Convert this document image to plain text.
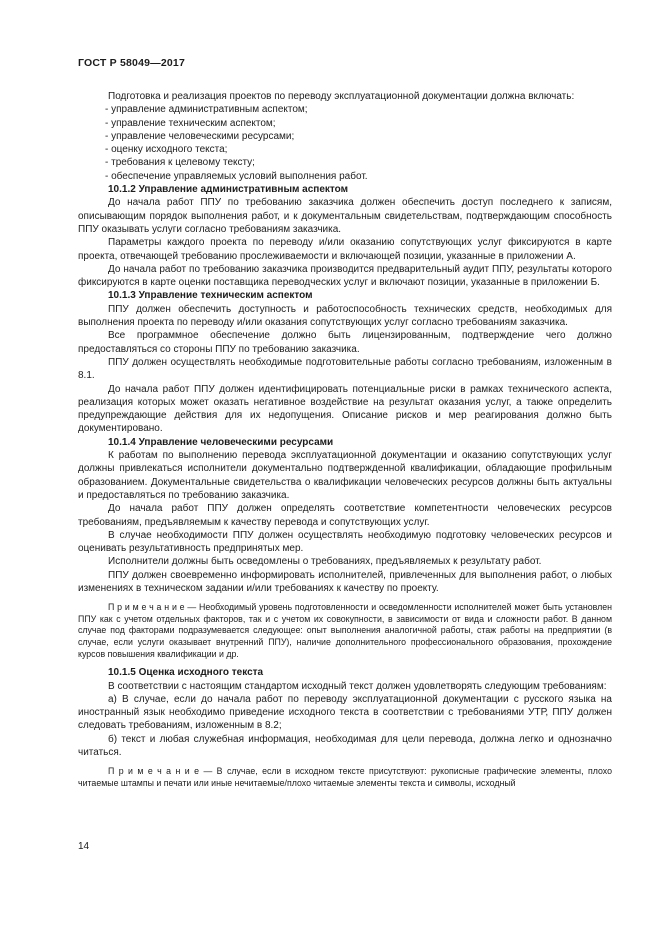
ГОСТ Р 58049—2017

Подготовка и реализация проектов по переводу эксплуатационной документации должна включать:

- управление административным аспектом;

- управление техническим аспектом;

- управление человеческими ресурсами;

- оценку исходного текста;

- требования к целевому тексту;

- обеспечение управляемых условий выполнения работ.

10.1.2 Управление административным аспектом

До начала работ ППУ по требованию заказчика должен обеспечить доступ последнего к записям, описывающим порядок выполнения работ, и к документальным свидетельствам, подтверждающим способность ППУ оказывать услуги согласно требованиям заказчика.

Параметры каждого проекта по переводу и/или оказанию сопутствующих услуг фиксируются в карте проекта, отвечающей требованию прослеживаемости и включающей позиции, указанные в приложении А.

До начала работ по требованию заказчика производится предварительный аудит ППУ, результаты которого фиксируются в карте оценки поставщика переводческих услуг и включают позиции, указанные в приложении Б.

10.1.3 Управление техническим аспектом

ППУ должен обеспечить доступность и работоспособность технических средств, необходимых для выполнения проекта по переводу и/или оказания сопутствующих услуг согласно требованиям заказчика.

Все программное обеспечение должно быть лицензированным, подтверждение чего должно предоставляться со стороны ППУ по требованию заказчика.

ППУ должен осуществлять необходимые подготовительные работы согласно требованиям, изложенным в 8.1.

До начала работ ППУ должен идентифицировать потенциальные риски в рамках технического аспекта, реализация которых может оказать негативное воздействие на результат оказания услуг, а также определить предупреждающие действия для их недопущения. Описание рисков и мер реагирования должно быть документировано.

10.1.4 Управление человеческими ресурсами

К работам по выполнению перевода эксплуатационной документации и оказанию сопутствующих услуг должны привлекаться исполнители документально подтвержденной квалификации, обладающие профильным образованием. Документальные свидетельства о квалификации человеческих ресурсов должны быть актуальны и предоставляться по требованию заказчика.

До начала работ ППУ должен определять соответствие компетентности человеческих ресурсов требованиям, предъявляемым к качеству перевода и сопутствующих услуг.

В случае необходимости ППУ должен осуществлять необходимую подготовку человеческих ресурсов и оценивать результативность предпринятых мер.

Исполнители должны быть осведомлены о требованиях, предъявляемых к результату работ.

ППУ должен своевременно информировать исполнителей, привлеченных для выполнения работ, о любых изменениях в техническом задании и/или требованиях к качеству по проекту.

П р и м е ч а н и е — Необходимый уровень подготовленности и осведомленности исполнителей может быть установлен ППУ как с учетом отдельных факторов, так и с учетом их совокупности, в зависимости от вида и сложности работ. В данном случае под факторами подразумевается следующее: опыт выполнения аналогичной работы, стаж работы на предприятии (в случае, если услуги оказывает внутренний ППУ), наличие дополнительного профессионального образования, прохождение курсов повышения квалификации и др.

10.1.5 Оценка исходного текста

В соответствии с настоящим стандартом исходный текст должен удовлетворять следующим требованиям:

а) В случае, если до начала работ по переводу эксплуатационной документации с русского языка на иностранный язык необходимо приведение исходного текста в соответствии с требованиями УТР, ППУ должен следовать требованиям, изложенным в 8.2;

б) текст и любая служебная информация, необходимая для цели перевода, должна легко и однозначно читаться.

П р и м е ч а н и е — В случае, если в исходном тексте присутствуют: рукописные графические элементы, плохо читаемые штампы и печати или иные нечитаемые/плохо читаемые элементы текста и символы, исходный

14
